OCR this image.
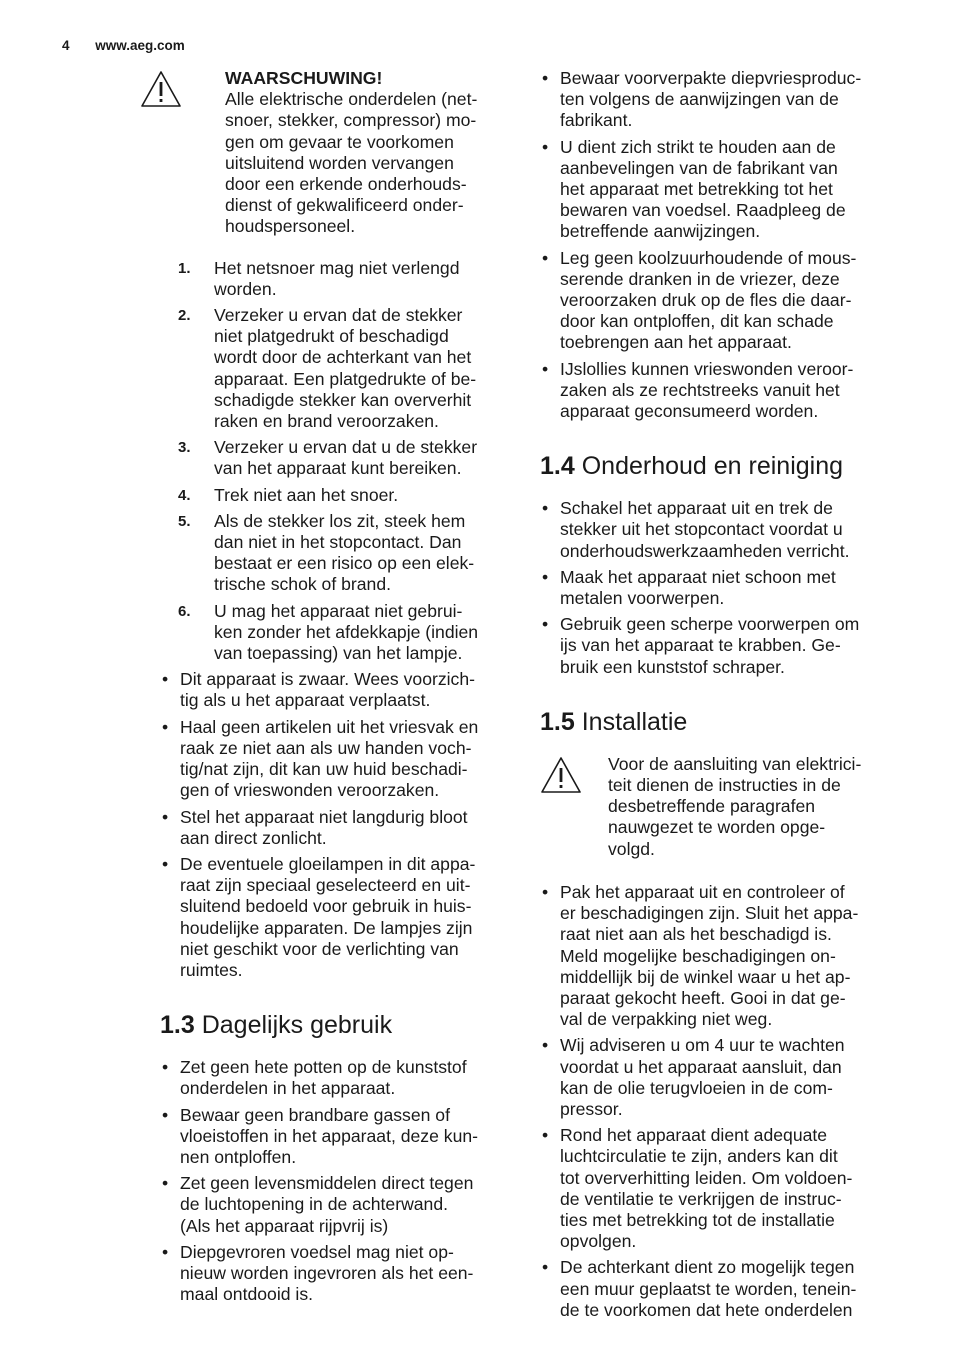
4 www.aeg.com
WAARSCHUWING!
Alle elektrische onderdelen (net-
snoer, stekker, compressor) mo-
gen om gevaar te voorkomen
uitsluitend worden vervangen
door een erkende onderhouds-
dienst of gekwalificeerd onder-
houdspersoneel.
1. Het netsnoer mag niet verlengd
worden.
2. Verzeker u ervan dat de stekker
niet platgedrukt of beschadigd
wordt door de achterkant van het
apparaat. Een platgedrukte of be-
schadigde stekker kan oververhit
raken en brand veroorzaken.
3. Verzeker u ervan dat u de stekker
van het apparaat kunt bereiken.
4. Trek niet aan het snoer.
5. Als de stekker los zit, steek hem
dan niet in het stopcontact. Dan
bestaat er een risico op een elek-
trische schok of brand.
6. U mag het apparaat niet gebrui-
ken zonder het afdekkapje (indien
van toepassing) van het lampje.
• Dit apparaat is zwaar. Wees voorzich-
tig als u het apparaat verplaatst.
• Haal geen artikelen uit het vriesvak en
raak ze niet aan als uw handen voch-
tig/nat zijn, dit kan uw huid beschadi-
gen of vrieswonden veroorzaken.
• Stel het apparaat niet langdurig bloot
aan direct zonlicht.
• De eventuele gloeilampen in dit appa-
raat zijn speciaal geselecteerd en uit-
sluitend bedoeld voor gebruik in huis-
houdelijke apparaten. De lampjes zijn
niet geschikt voor de verlichting van
ruimtes.
1.3 Dagelijks gebruik
• Zet geen hete potten op de kunststof
onderdelen in het apparaat.
• Bewaar geen brandbare gassen of
vloeistoffen in het apparaat, deze kun-
nen ontploffen.
• Zet geen levensmiddelen direct tegen
de luchtopening in de achterwand.
(Als het apparaat rijpvrij is)
• Diepgevroren voedsel mag niet op-
nieuw worden ingevroren als het een-
maal ontdooid is.
• Bewaar voorverpakte diepvriesproduc-
ten volgens de aanwijzingen van de
fabrikant.
• U dient zich strikt te houden aan de
aanbevelingen van de fabrikant van
het apparaat met betrekking tot het
bewaren van voedsel. Raadpleeg de
betreffende aanwijzingen.
• Leg geen koolzuurhoudende of mous-
serende dranken in de vriezer, deze
veroorzaken druk op de fles die daar-
door kan ontploffen, dit kan schade
toebrengen aan het apparaat.
• IJslollies kunnen vrieswonden veroor-
zaken als ze rechtstreeks vanuit het
apparaat geconsumeerd worden.
1.4 Onderhoud en reiniging
• Schakel het apparaat uit en trek de
stekker uit het stopcontact voordat u
onderhoudswerkzaamheden verricht.
• Maak het apparaat niet schoon met
metalen voorwerpen.
• Gebruik geen scherpe voorwerpen om
ijs van het apparaat te krabben. Ge-
bruik een kunststof schraper.
1.5 Installatie
Voor de aansluiting van elektrici-
teit dienen de instructies in de
desbetreffende paragrafen
nauwgezet te worden opge-
volgd.
• Pak het apparaat uit en controleer of
er beschadigingen zijn. Sluit het appa-
raat niet aan als het beschadigd is.
Meld mogelijke beschadigingen on-
middellijk bij de winkel waar u het ap-
paraat gekocht heeft. Gooi in dat ge-
val de verpakking niet weg.
• Wij adviseren u om 4 uur te wachten
voordat u het apparaat aansluit, dan
kan de olie terugvloeien in de com-
pressor.
• Rond het apparaat dient adequate
luchtcirculatie te zijn, anders kan dit
tot oververhitting leiden. Om voldoen-
de ventilatie te verkrijgen de instruc-
ties met betrekking tot de installatie
opvolgen.
• De achterkant dient zo mogelijk tegen
een muur geplaatst te worden, tenein-
de te voorkomen dat hete onderdelen
